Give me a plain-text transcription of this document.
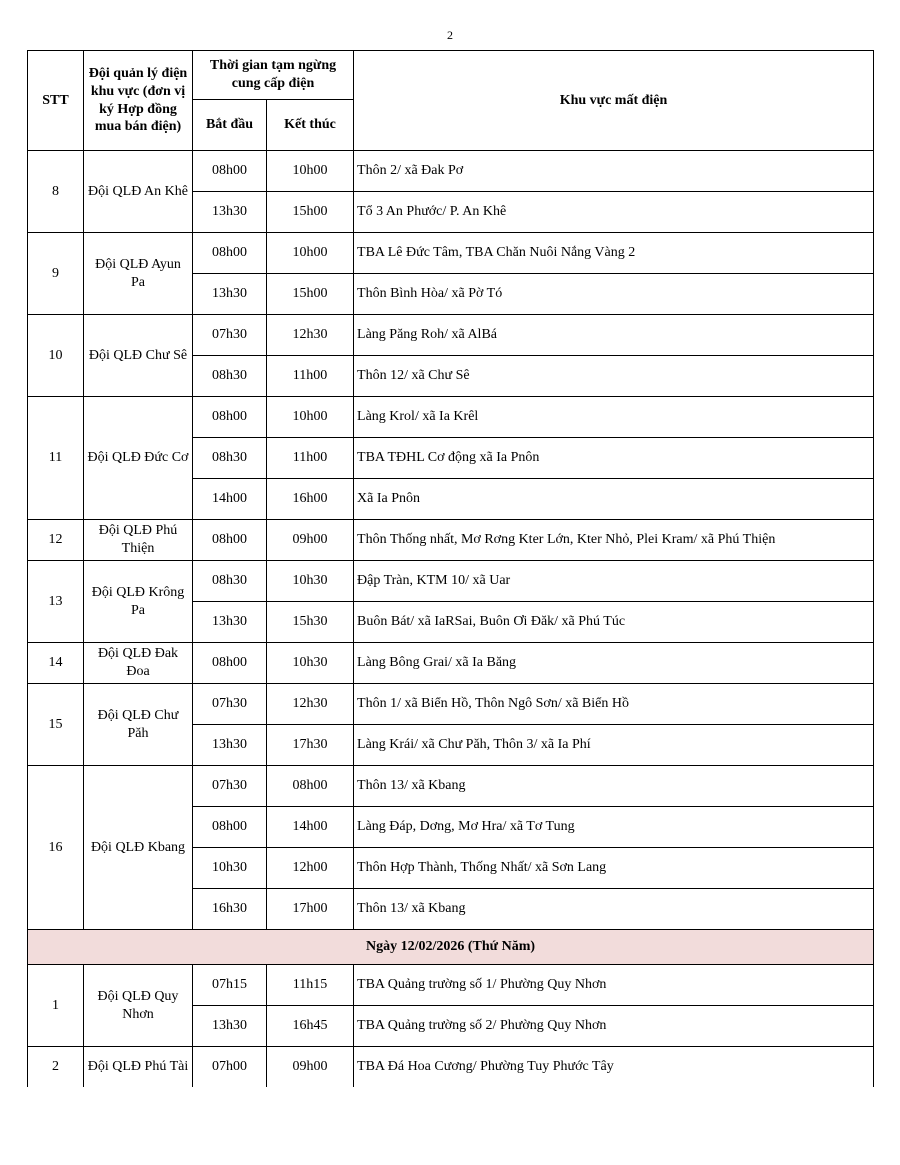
2
STT	Đội quản lý điện khu vực (đơn vị ký Hợp đồng mua bán điện)	Thời gian tạm ngừng cung cấp điện		Khu vực mất điện
		Bắt đầu	Kết thúc	
8	Đội QLĐ An Khê	08h00	10h00	Thôn 2/ xã Đak Pơ
		13h30	15h00	Tổ 3 An Phước/ P. An Khê
9	Đội QLĐ Ayun Pa	08h00	10h00	TBA Lê Đức Tâm, TBA Chăn Nuôi Nắng Vàng 2
		13h30	15h00	Thôn Bình Hòa/ xã Pờ Tó
10	Đội QLĐ Chư Sê	07h30	12h30	Làng Păng Roh/ xã AlBá
		08h30	11h00	Thôn 12/ xã Chư Sê
11	Đội QLĐ Đức Cơ	08h00	10h00	Làng Krol/ xã Ia Krêl
		08h30	11h00	TBA TĐHL Cơ động xã Ia Pnôn
		14h00	16h00	Xã Ia Pnôn
12	Đội QLĐ Phú Thiện	08h00	09h00	Thôn Thống nhất, Mơ Rơng Kter Lớn, Kter Nhỏ, Plei Kram/ xã Phú Thiện
13	Đội QLĐ Krông Pa	08h30	10h30	Đập Tràn, KTM 10/ xã Uar
		13h30	15h30	Buôn Bát/ xã IaRSai, Buôn Ơi Đăk/ xã Phú Túc
14	Đội QLĐ Đak Đoa	08h00	10h30	Làng Bông Grai/ xã Ia Băng
15	Đội QLĐ Chư Păh	07h30	12h30	Thôn 1/ xã Biển Hồ, Thôn Ngô Sơn/ xã Biển Hồ
		13h30	17h30	Làng Krái/ xã Chư Păh, Thôn 3/ xã Ia Phí
16	Đội QLĐ Kbang	07h30	08h00	Thôn 13/ xã Kbang
		08h00	14h00	Làng Đáp, Dơng, Mơ Hra/ xã Tơ Tung
		10h30	12h00	Thôn Hợp Thành, Thống Nhất/ xã Sơn Lang
		16h30	17h00	Thôn 13/ xã Kbang
Ngày 12/02/2026 (Thứ Năm)				
1	Đội QLĐ Quy Nhơn	07h15	11h15	TBA Quảng trường số 1/ Phường Quy Nhơn
		13h30	16h45	TBA Quảng trường số 2/ Phường Quy Nhơn
2	Đội QLĐ Phú Tài	07h00	09h00	TBA Đá Hoa Cương/ Phường Tuy Phước Tây
